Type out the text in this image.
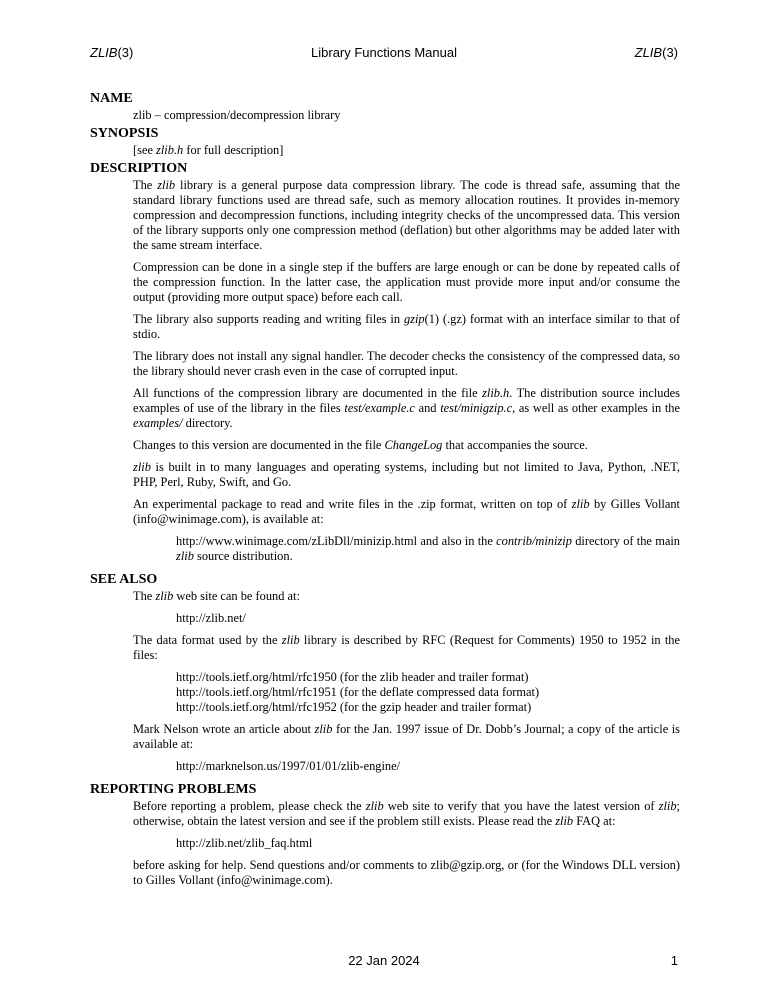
ZLIB(3)	Library Functions Manual	ZLIB(3)
NAME

zlib – compression/decompression library

SYNOPSIS

[see zlib.h for full description]

DESCRIPTION

The zlib library is a general purpose data compression library. The code is thread safe, assuming that the standard library functions used are thread safe, such as memory allocation routines. It provides in-memory compression and decompression functions, including integrity checks of the uncompressed data. This version of the library supports only one compression method (deflation) but other algorithms may be added later with the same stream interface.

Compression can be done in a single step if the buffers are large enough or can be done by repeated calls of the compression function. In the latter case, the application must provide more input and/or consume the output (providing more output space) before each call.

The library also supports reading and writing files in gzip(1) (.gz) format with an interface similar to that of stdio.

The library does not install any signal handler. The decoder checks the consistency of the compressed data, so the library should never crash even in the case of corrupted input.

All functions of the compression library are documented in the file zlib.h. The distribution source includes examples of use of the library in the files test/example.c and test/minigzip.c, as well as other examples in the examples/ directory.

Changes to this version are documented in the file ChangeLog that accompanies the source.

zlib is built in to many languages and operating systems, including but not limited to Java, Python, .NET, PHP, Perl, Ruby, Swift, and Go.

An experimental package to read and write files in the .zip format, written on top of zlib by Gilles Vollant (info@winimage.com), is available at:

http://www.winimage.com/zLibDll/minizip.html and also in the contrib/minizip directory of the main zlib source distribution.

SEE ALSO

The zlib web site can be found at:

http://zlib.net/

The data format used by the zlib library is described by RFC (Request for Comments) 1950 to 1952 in the files:

http://tools.ietf.org/html/rfc1950 (for the zlib header and trailer format)
http://tools.ietf.org/html/rfc1951 (for the deflate compressed data format)
http://tools.ietf.org/html/rfc1952 (for the gzip header and trailer format)

Mark Nelson wrote an article about zlib for the Jan. 1997 issue of Dr. Dobb’s Journal; a copy of the article is available at:

http://marknelson.us/1997/01/01/zlib-engine/

REPORTING PROBLEMS

Before reporting a problem, please check the zlib web site to verify that you have the latest version of zlib; otherwise, obtain the latest version and see if the problem still exists. Please read the zlib FAQ at:

http://zlib.net/zlib_faq.html

before asking for help. Send questions and/or comments to zlib@gzip.org, or (for the Windows DLL version) to Gilles Vollant (info@winimage.com).

22 Jan 2024	1
